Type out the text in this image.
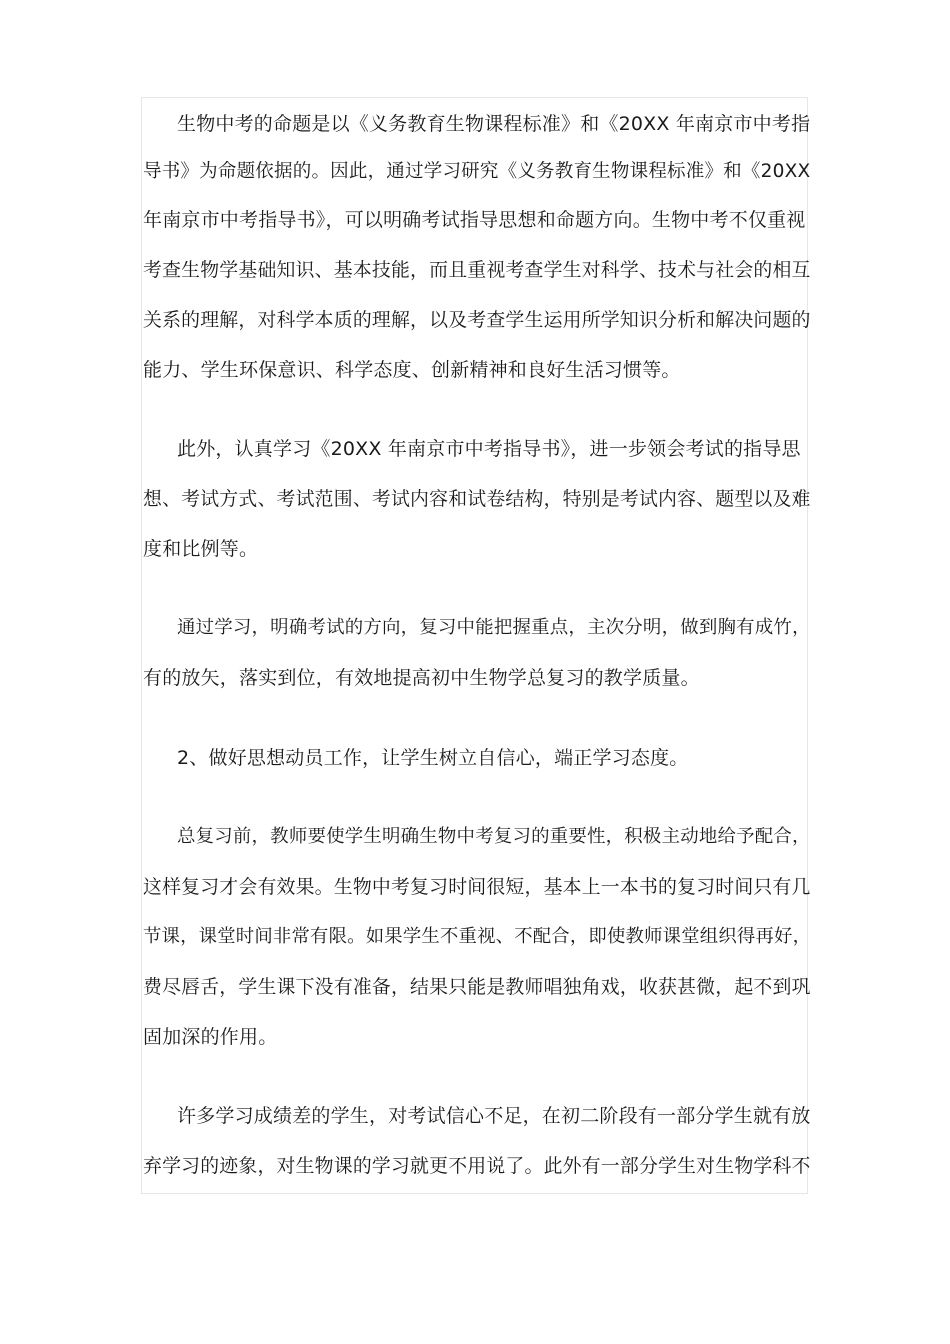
生物中考的命题是以《义务教育生物课程标准》和《20XX 年南京市中考指
导书》为命题依据的。因此，通过学习研究《义务教育生物课程标准》和《20XX
年南京市中考指导书》，可以明确考试指导思想和命题方向。生物中考不仅重视
考查生物学基础知识、基本技能，而且重视考查学生对科学、技术与社会的相互
关系的理解，对科学本质的理解，以及考查学生运用所学知识分析和解决问题的
能力、学生环保意识、科学态度、创新精神和良好生活习惯等。
此外，认真学习《20XX 年南京市中考指导书》，进一步领会考试的指导思
想、考试方式、考试范围、考试内容和试卷结构，特别是考试内容、题型以及难
度和比例等。
通过学习，明确考试的方向，复习中能把握重点，主次分明，做到胸有成竹，
有的放矢，落实到位，有效地提高初中生物学总复习的教学质量。
2、做好思想动员工作，让学生树立自信心，端正学习态度。
总复习前，教师要使学生明确生物中考复习的重要性，积极主动地给予配合，
这样复习才会有效果。生物中考复习时间很短，基本上一本书的复习时间只有几
节课，课堂时间非常有限。如果学生不重视、不配合，即使教师课堂组织得再好，
费尽唇舌，学生课下没有准备，结果只能是教师唱独角戏，收获甚微，起不到巩
固加深的作用。
许多学习成绩差的学生，对考试信心不足，在初二阶段有一部分学生就有放
弃学习的迹象，对生物课的学习就更不用说了。此外有一部分学生对生物学科不
